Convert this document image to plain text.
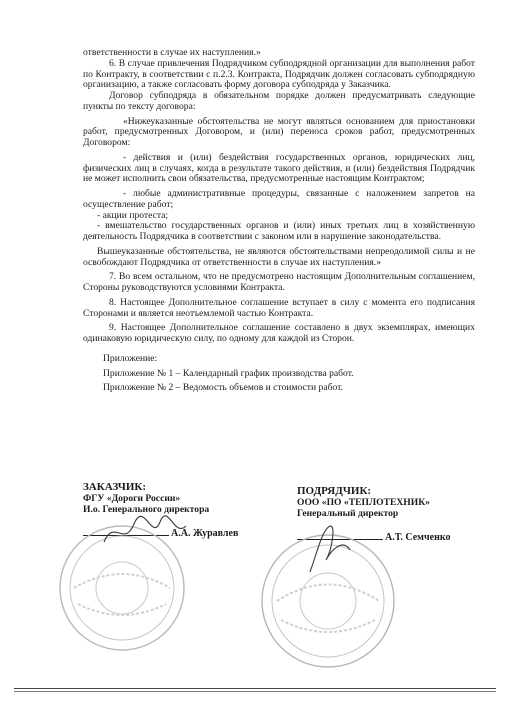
ответственности в случае их наступления.»

6. В случае привлечения Подрядчиком субподрядной организации для выполнения работ по Контракту, в соответствии с п.2.3. Контракта, Подрядчик должен согласовать субподрядную организацию, а также согласовать форму договора субподряда у Заказчика.

Договор субподряда в обязательном порядке должен предусматривать следующие пункты по тексту договора:

«Нижеуказанные обстоятельства не могут являться основанием для приостановки работ, предусмотренных Договором, и (или) переноса сроков работ, предусмотренных Договором:

- действия и (или) бездействия государственных органов, юридических лиц, физических лиц в случаях, когда в результате такого действия, и (или) бездействия Подрядчик не может исполнить свои обязательства, предусмотренные настоящим Контрактом;

- любые административные процедуры, связанные с наложением запретов на осуществление работ;

- акции протеста;

- вмешательство государственных органов и (или) иных третьих лиц в хозяйственную деятельность Подрядчика в соответствии с законом или в нарушение законодательства.

Вышеуказанные обстоятельства, не являются обстоятельствами непреодолимой силы и не освобождают Подрядчика от ответственности в случае их наступления.»

7. Во всем остальном, что не предусмотрено настоящим Дополнительным соглашением, Стороны руководствуются условиями Контракта.

8. Настоящее Дополнительное соглашение вступает в силу с момента его подписания Сторонами и является неотъемлемой частью Контракта.

9. Настоящее Дополнительное соглашение составлено в двух экземплярах, имеющих одинаковую юридическую силу, по одному для каждой из Сторон.

Приложение:

Приложение № 1 – Календарный график производства работ.

Приложение № 2 – Ведомость объемов и стоимости работ.

ЗАКАЗЧИК:
ФГУ «Дороги России»
И.о. Генерального директора
А.А. Журавлев
ПОДРЯДЧИК:
ООО «ПО «ТЕПЛОТЕХНИК»
Генеральный директор
А.Т. Семченко
